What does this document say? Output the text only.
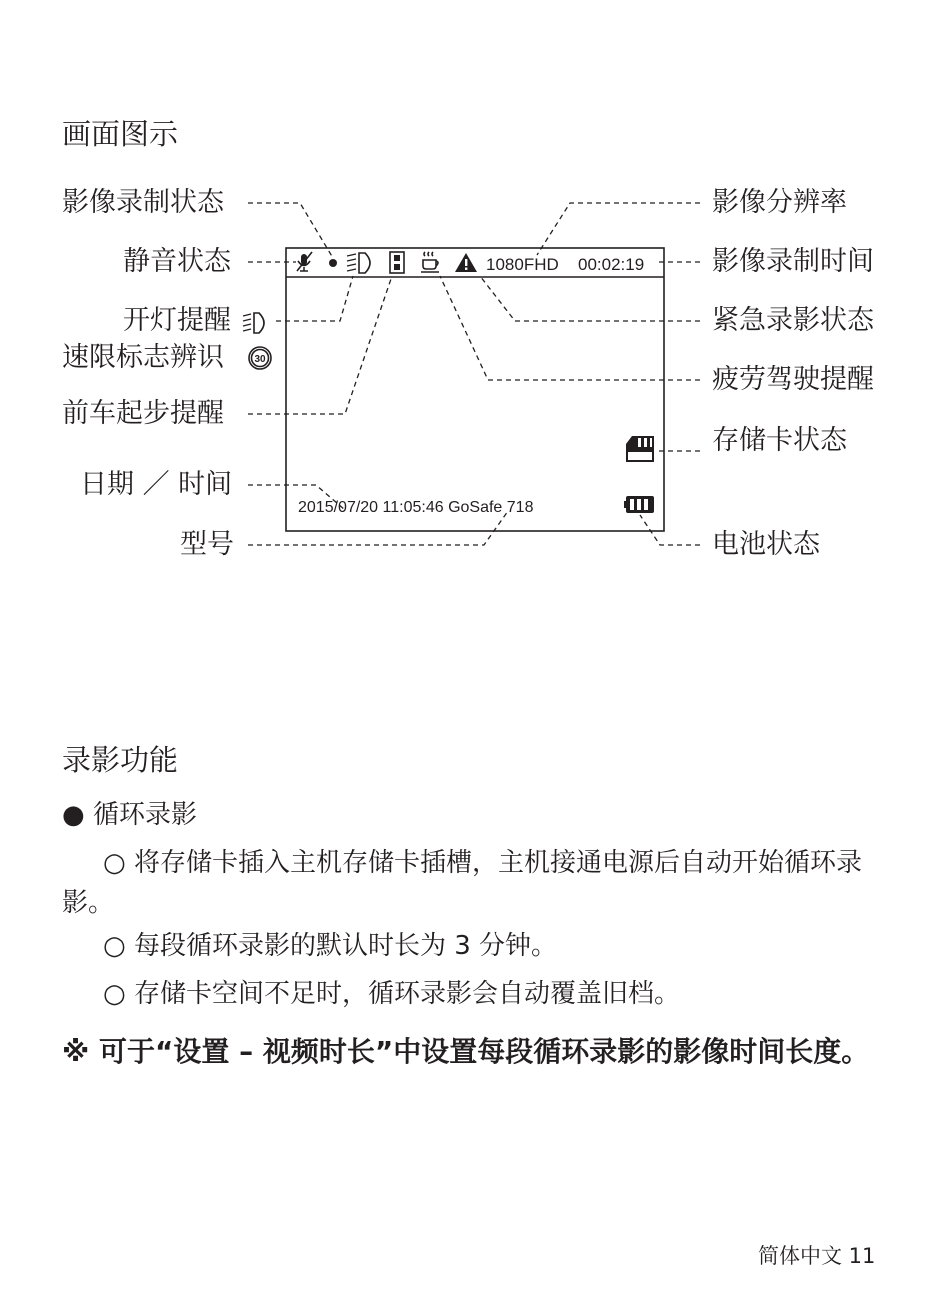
画面图示
1080FHD 00:02:19
2015/07/20 11:05:46 GoSafe 718
30
影像录制状态
静音状态
开灯提醒
速限标志辨识
前车起步提醒
日期 ／ 时间
型号
影像分辨率
影像录制时间
紧急录影状态
疲劳驾驶提醒
存储卡状态
电池状态
录影功能
● 循环录影
○ 将存储卡插入主机存储卡插槽，主机接通电源后自动开始循环录影。
○ 每段循环录影的默认时长为 3 分钟。
○ 存储卡空间不足时，循环录影会自动覆盖旧档。
※ 可于“设置 – 视频时长”中设置每段循环录影的影像时间长度。
简体中文 11
